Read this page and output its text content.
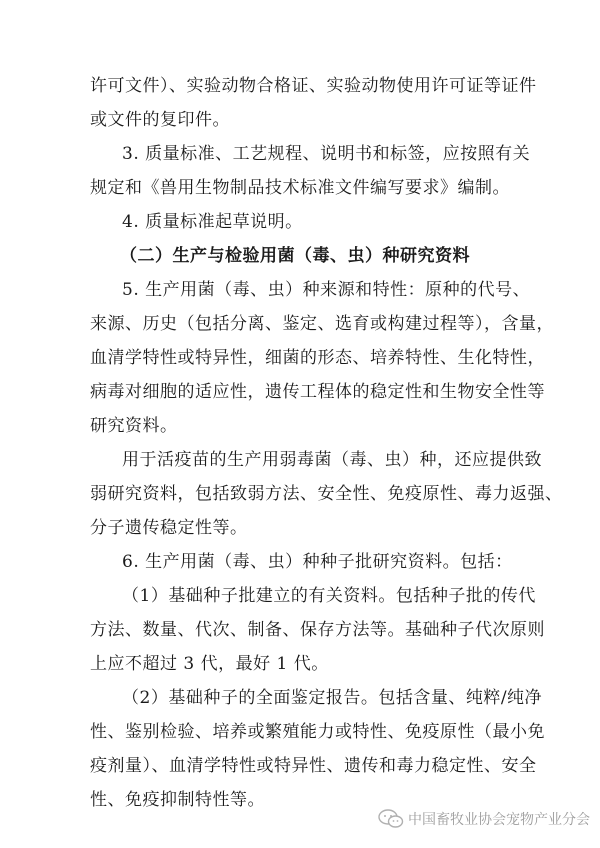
许可文件）、实验动物合格证、实验动物使用许可证等证件
或文件的复印件。
3. 质量标准、工艺规程、说明书和标签，应按照有关
规定和《兽用生物制品技术标准文件编写要求》编制。
4. 质量标准起草说明。
（二）生产与检验用菌（毒、虫）种研究资料
5. 生产用菌（毒、虫）种来源和特性：原种的代号、
来源、历史（包括分离、鉴定、选育或构建过程等），含量，
血清学特性或特异性，细菌的形态、培养特性、生化特性，
病毒对细胞的适应性，遗传工程体的稳定性和生物安全性等
研究资料。
用于活疫苗的生产用弱毒菌（毒、虫）种，还应提供致
弱研究资料，包括致弱方法、安全性、免疫原性、毒力返强、
分子遗传稳定性等。
6. 生产用菌（毒、虫）种种子批研究资料。包括：
（1）基础种子批建立的有关资料。包括种子批的传代
方法、数量、代次、制备、保存方法等。基础种子代次原则
上应不超过 3 代，最好 1 代。
（2）基础种子的全面鉴定报告。包括含量、纯粹/纯净
性、鉴别检验、培养或繁殖能力或特性、免疫原性（最小免
疫剂量）、血清学特性或特异性、遗传和毒力稳定性、安全
性、免疫抑制特性等。
中国畜牧业协会宠物产业分会
